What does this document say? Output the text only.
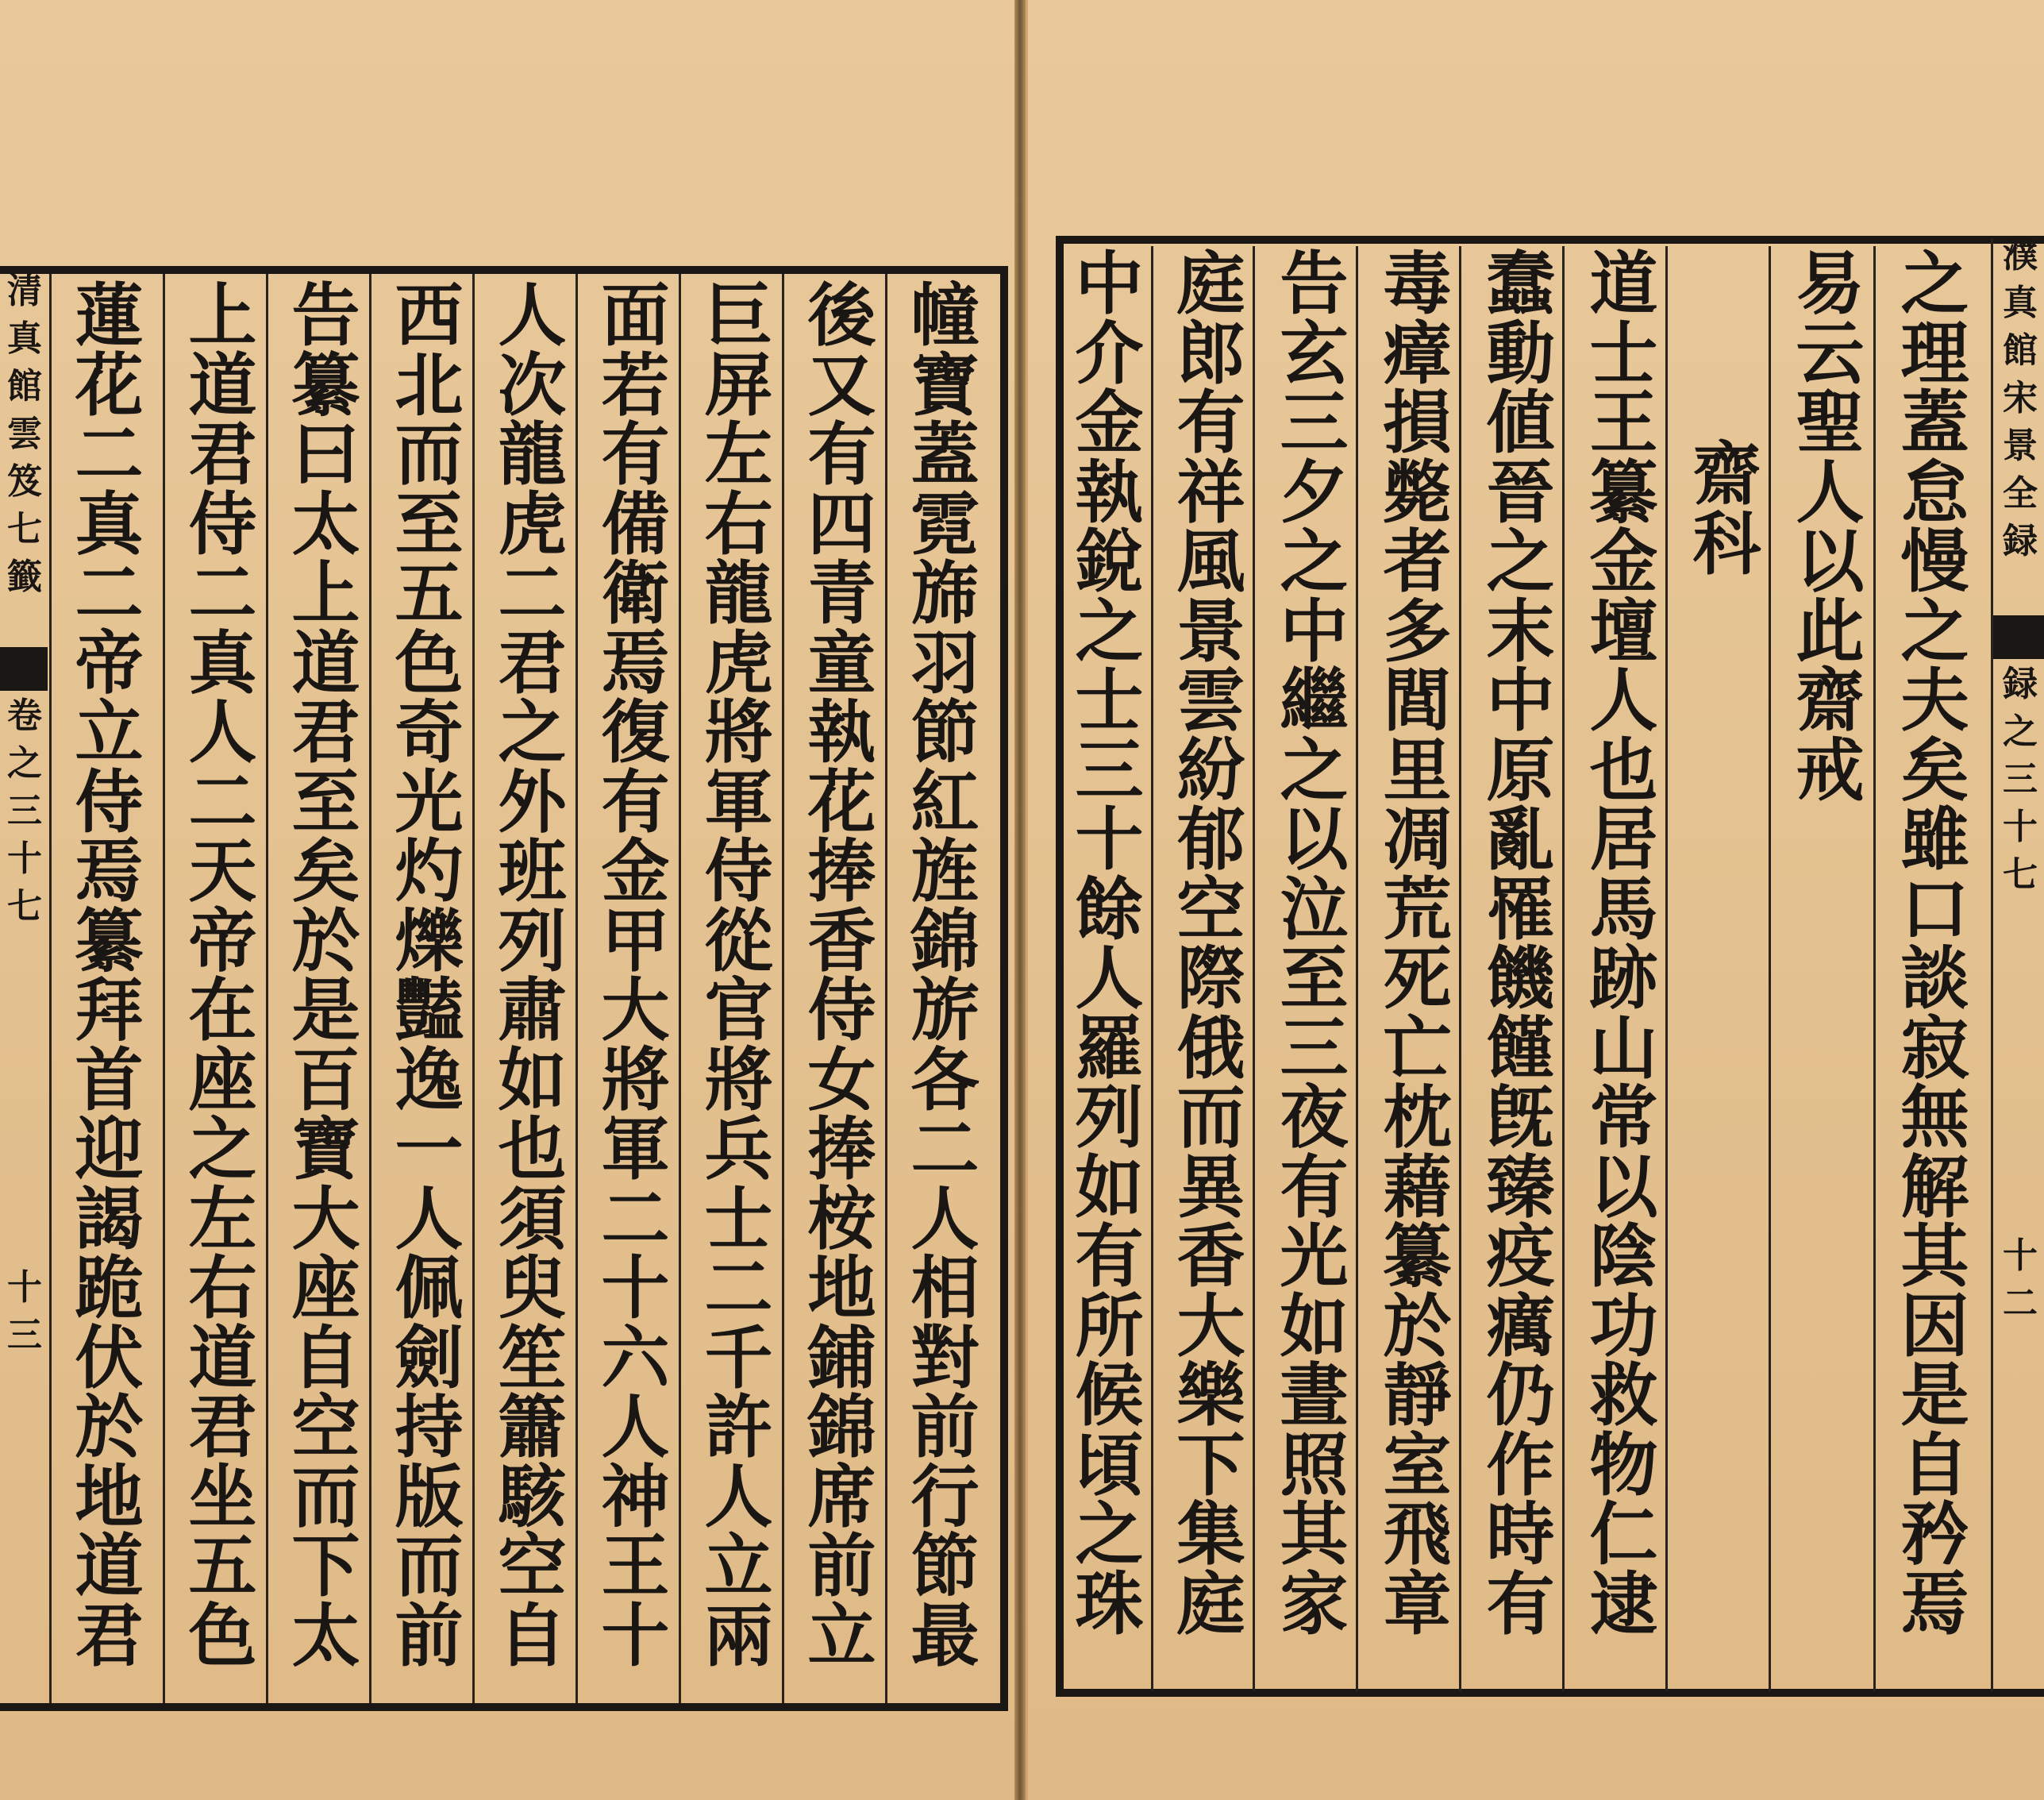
濮
真
館
宋
景
全
録
録
之
三
十
七
十
二
清
真
館
雲
笈
七
籤
卷
之
三
十
七
十
三
之
理
蓋
怠
慢
之
夫
矣
雖
口
談
寂
無
解
其
因
是
自
矜
焉
易
云
聖
人
以
此
齋
戒
齋
科
道
士
王
纂
金
壇
人
也
居
馬
跡
山
常
以
陰
功
救
物
仁
逮
蠢
動
値
晉
之
末
中
原
亂
罹
饑
饉
旣
臻
疫
癘
仍
作
時
有
毒
瘴
損
斃
者
多
閭
里
凋
荒
死
亡
枕
藉
纂
於
靜
室
飛
章
告
玄
三
夕
之
中
繼
之
以
泣
至
三
夜
有
光
如
晝
照
其
家
庭
郎
有
祥
風
景
雲
紛
郁
空
際
俄
而
異
香
大
樂
下
集
庭
中
介
金
執
銳
之
士
三
十
餘
人
羅
列
如
有
所
候
頃
之
珠
幢
寶
蓋
霓
旆
羽
節
紅
旌
錦
旂
各
二
人
相
對
前
行
節
最
後
又
有
四
青
童
執
花
捧
香
侍
女
捧
桉
地
鋪
錦
席
前
立
巨
屏
左
右
龍
虎
將
軍
侍
從
官
將
兵
士
二
千
許
人
立
兩
面
若
有
備
衛
焉
復
有
金
甲
大
將
軍
二
十
六
人
神
王
十
人
次
龍
虎
二
君
之
外
班
列
肅
如
也
須
臾
笙
簫
駭
空
自
西
北
而
至
五
色
奇
光
灼
爍
豔
逸
一
人
佩
劍
持
版
而
前
告
纂
曰
太
上
道
君
至
矣
於
是
百
寶
大
座
自
空
而
下
太
上
道
君
侍
二
真
人
二
天
帝
在
座
之
左
右
道
君
坐
五
色
蓮
花
二
真
二
帝
立
侍
焉
纂
拜
首
迎
謁
跪
伏
於
地
道
君
